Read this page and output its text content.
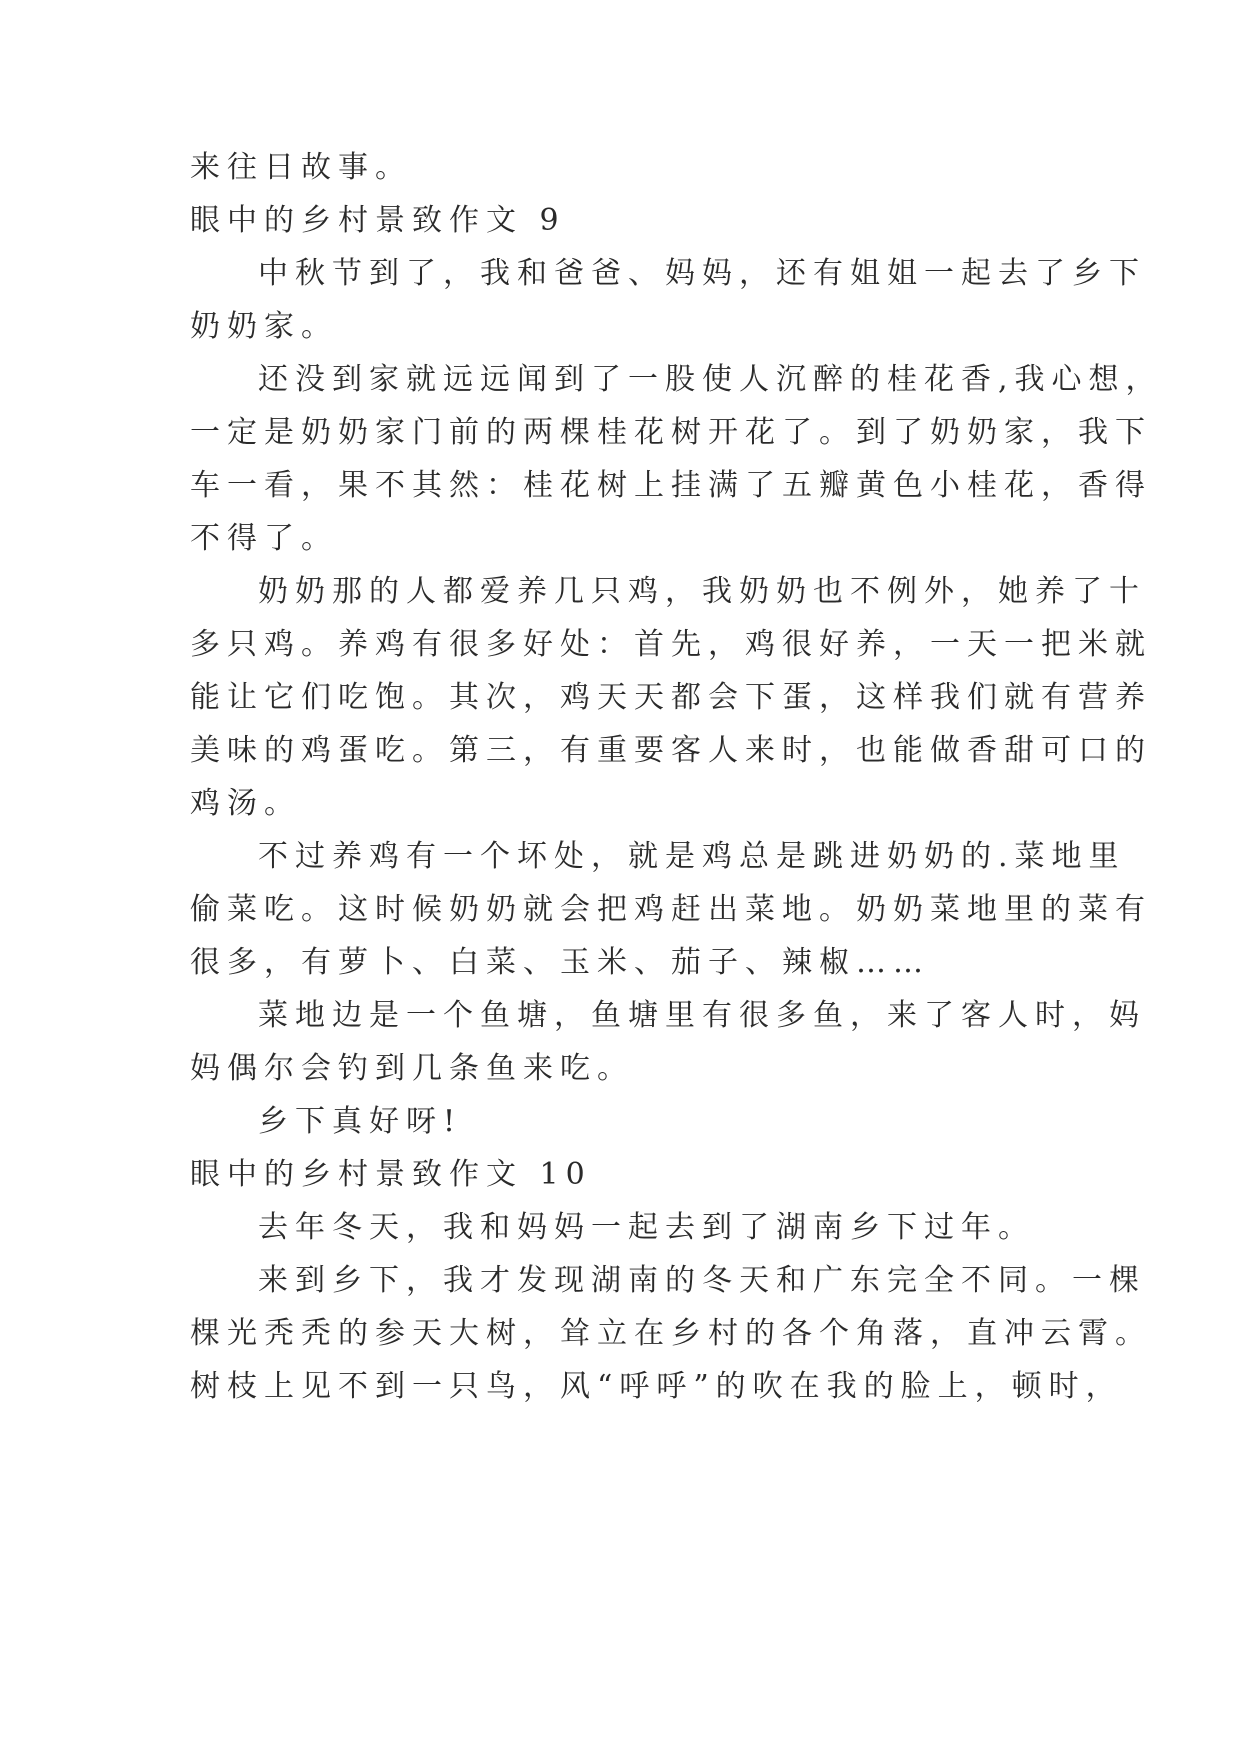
来往日故事。
眼中的乡村景致作文 9
中秋节到了，我和爸爸、妈妈，还有姐姐一起去了乡下
奶奶家。
还没到家就远远闻到了一股使人沉醉的桂花香,我心想，
一定是奶奶家门前的两棵桂花树开花了。到了奶奶家，我下
车一看，果不其然：桂花树上挂满了五瓣黄色小桂花，香得
不得了。
奶奶那的人都爱养几只鸡，我奶奶也不例外，她养了十
多只鸡。养鸡有很多好处：首先，鸡很好养，一天一把米就
能让它们吃饱。其次，鸡天天都会下蛋，这样我们就有营养
美味的鸡蛋吃。第三，有重要客人来时，也能做香甜可口的
鸡汤。
不过养鸡有一个坏处，就是鸡总是跳进奶奶的.菜地里
偷菜吃。这时候奶奶就会把鸡赶出菜地。奶奶菜地里的菜有
很多，有萝卜、白菜、玉米、茄子、辣椒……
菜地边是一个鱼塘，鱼塘里有很多鱼，来了客人时，妈
妈偶尔会钓到几条鱼来吃。
乡下真好呀!
眼中的乡村景致作文 10
去年冬天，我和妈妈一起去到了湖南乡下过年。
来到乡下，我才发现湖南的冬天和广东完全不同。一棵
棵光秃秃的参天大树，耸立在乡村的各个角落，直冲云霄。
树枝上见不到一只鸟，风“呼呼”的吹在我的脸上，顿时，
